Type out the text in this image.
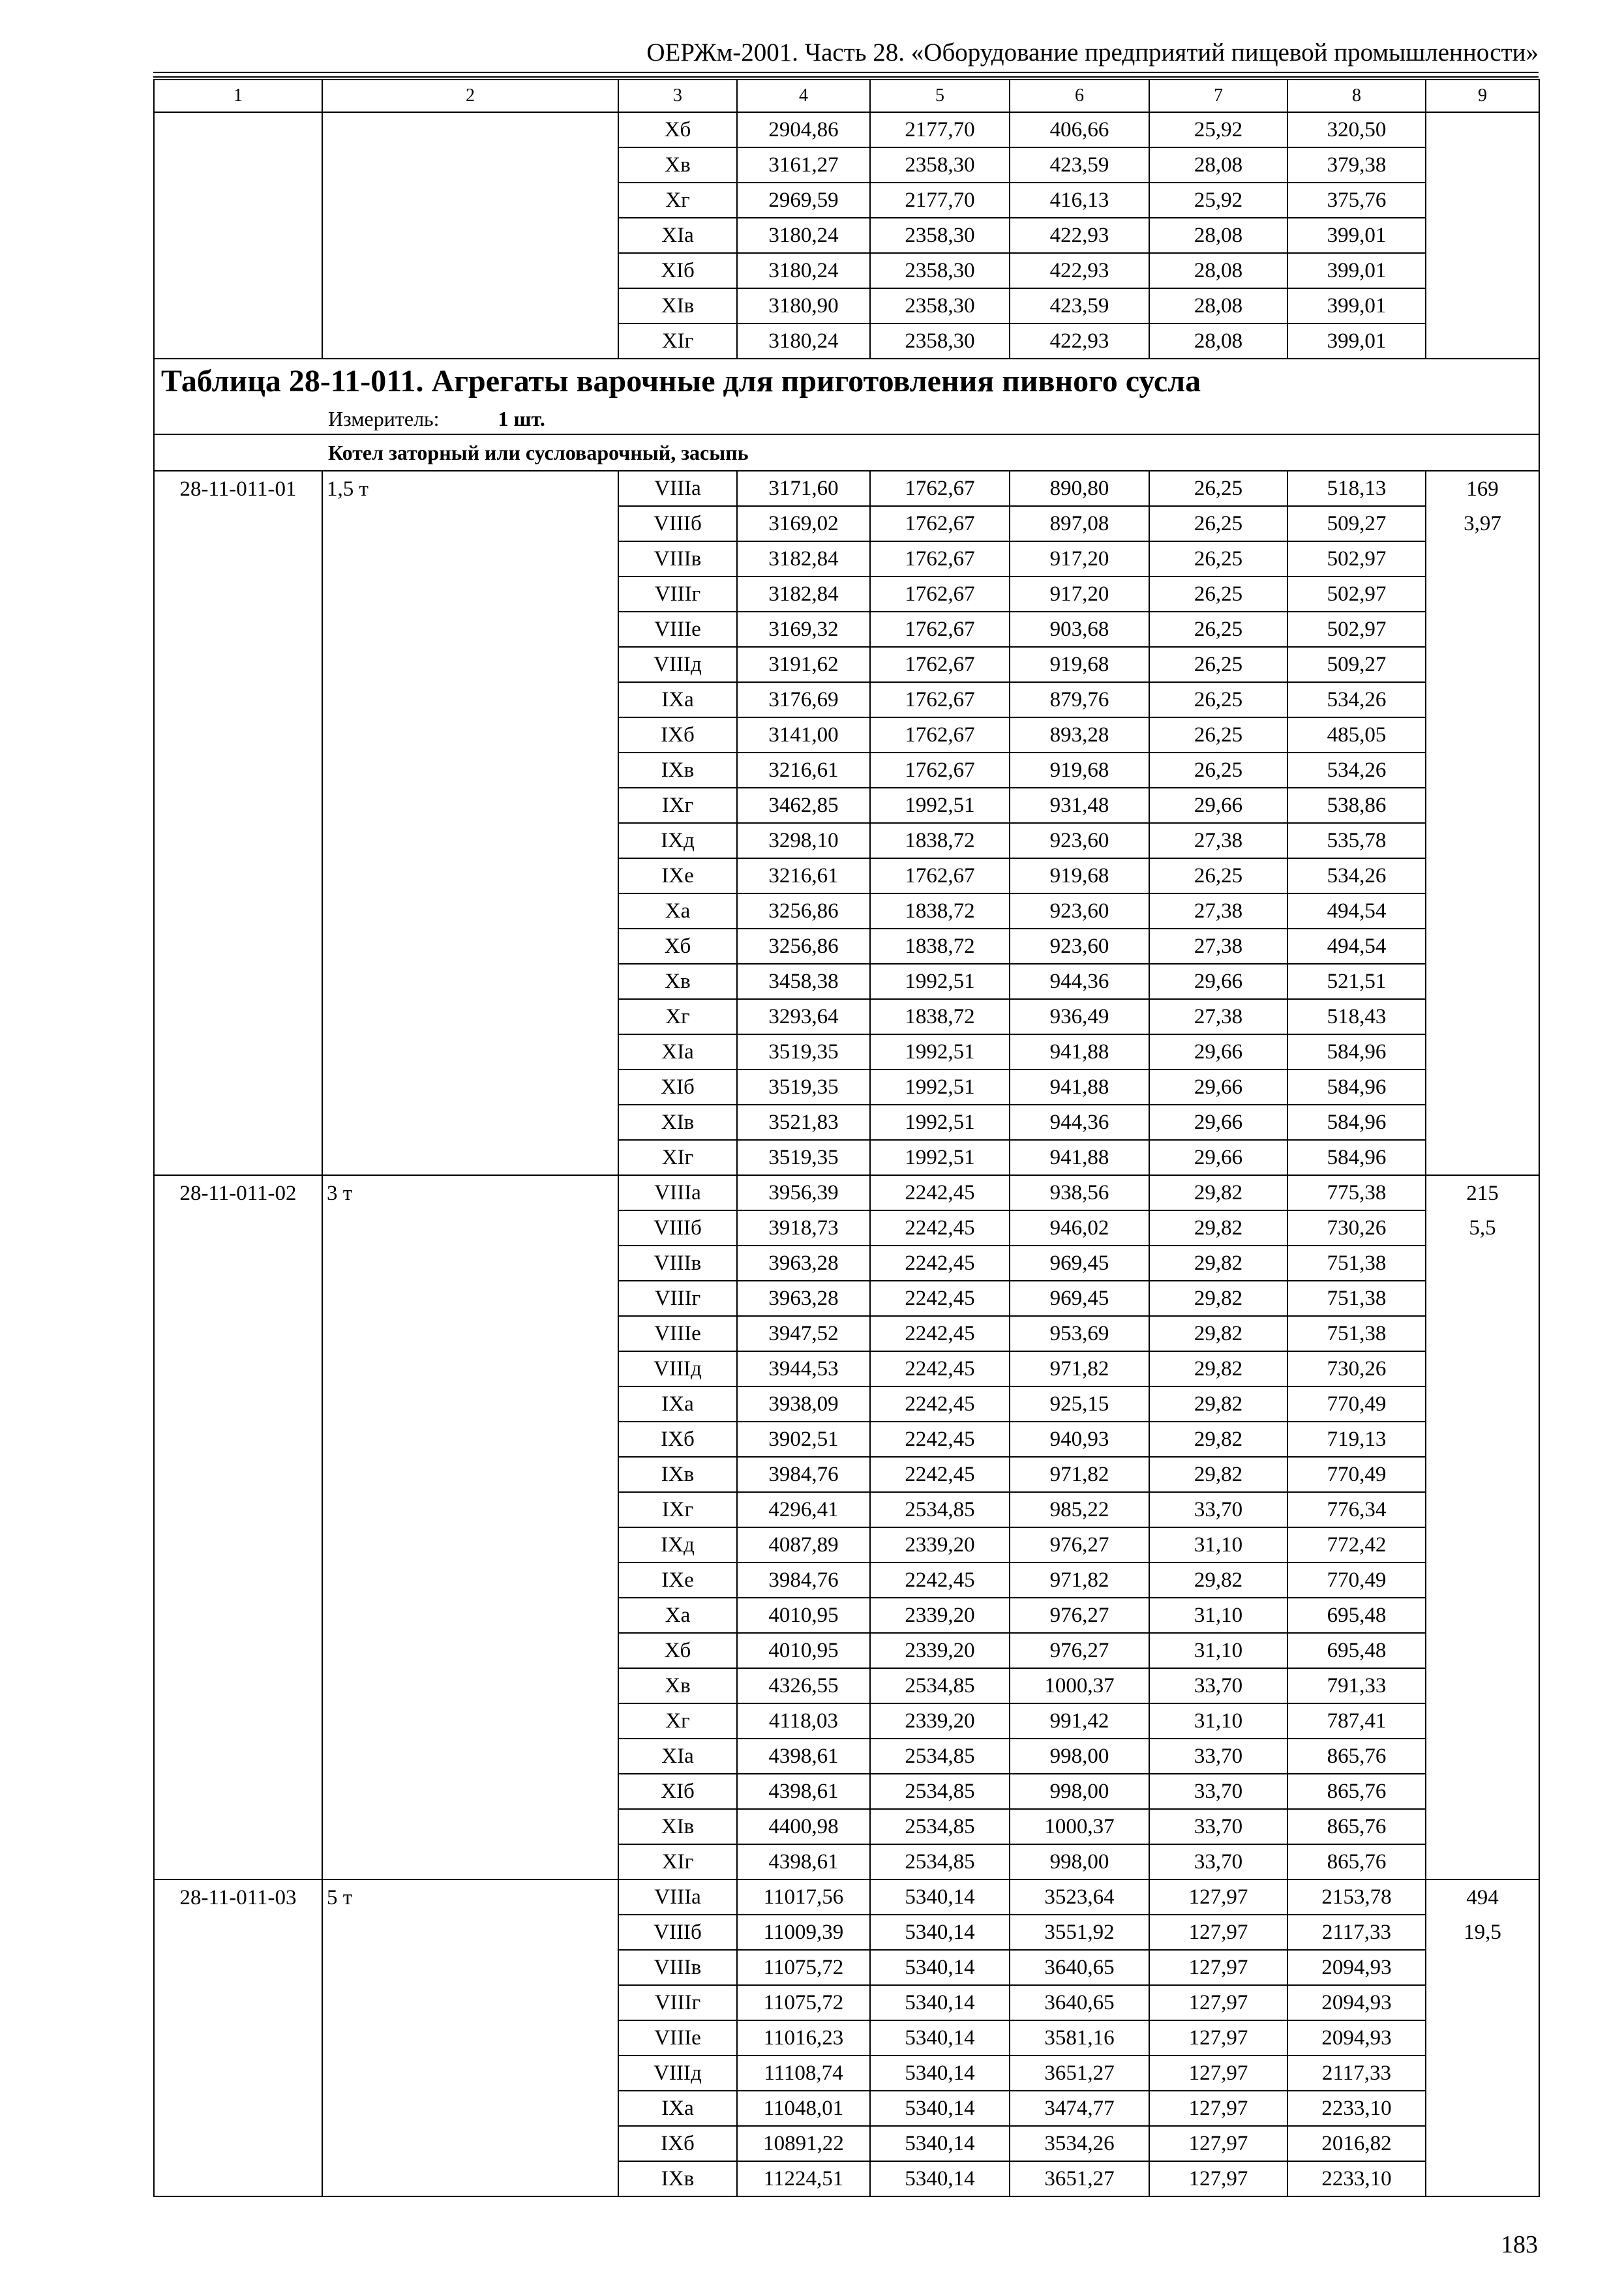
ОЕРЖм-2001. Часть 28. «Оборудование предприятий пищевой промышленности»
1	2	3	4	5	6	7	8	9
		Хб	2904,86	2177,70	406,66	25,92	320,50	
		Хв	3161,27	2358,30	423,59	28,08	379,38	
		Хг	2969,59	2177,70	416,13	25,92	375,76	
		ХIа	3180,24	2358,30	422,93	28,08	399,01	
		ХIб	3180,24	2358,30	422,93	28,08	399,01	
		ХIв	3180,90	2358,30	423,59	28,08	399,01	
		ХIг	3180,24	2358,30	422,93	28,08	399,01	
Таблица 28-11-011. Агрегаты варочные для приготовления пивного сусла								
Измеритель: 1 шт.								
Котел заторный или сусловарочный, засыпь								
28-11-011-01	1,5 т	VIIIа	3171,60	1762,67	890,80	26,25	518,13	169
		VIIIб	3169,02	1762,67	897,08	26,25	509,27	3,97
		VIIIв	3182,84	1762,67	917,20	26,25	502,97	
		VIIIг	3182,84	1762,67	917,20	26,25	502,97	
		VIIIе	3169,32	1762,67	903,68	26,25	502,97	
		VIIIд	3191,62	1762,67	919,68	26,25	509,27	
		IХа	3176,69	1762,67	879,76	26,25	534,26	
		IХб	3141,00	1762,67	893,28	26,25	485,05	
		IХв	3216,61	1762,67	919,68	26,25	534,26	
		IХг	3462,85	1992,51	931,48	29,66	538,86	
		IХд	3298,10	1838,72	923,60	27,38	535,78	
		IХе	3216,61	1762,67	919,68	26,25	534,26	
		Ха	3256,86	1838,72	923,60	27,38	494,54	
		Хб	3256,86	1838,72	923,60	27,38	494,54	
		Хв	3458,38	1992,51	944,36	29,66	521,51	
		Хг	3293,64	1838,72	936,49	27,38	518,43	
		ХIа	3519,35	1992,51	941,88	29,66	584,96	
		ХIб	3519,35	1992,51	941,88	29,66	584,96	
		ХIв	3521,83	1992,51	944,36	29,66	584,96	
		ХIг	3519,35	1992,51	941,88	29,66	584,96	
28-11-011-02	3 т	VIIIа	3956,39	2242,45	938,56	29,82	775,38	215
		VIIIб	3918,73	2242,45	946,02	29,82	730,26	5,5
		VIIIв	3963,28	2242,45	969,45	29,82	751,38	
		VIIIг	3963,28	2242,45	969,45	29,82	751,38	
		VIIIе	3947,52	2242,45	953,69	29,82	751,38	
		VIIIд	3944,53	2242,45	971,82	29,82	730,26	
		IХа	3938,09	2242,45	925,15	29,82	770,49	
		IХб	3902,51	2242,45	940,93	29,82	719,13	
		IХв	3984,76	2242,45	971,82	29,82	770,49	
		IХг	4296,41	2534,85	985,22	33,70	776,34	
		IХд	4087,89	2339,20	976,27	31,10	772,42	
		IХе	3984,76	2242,45	971,82	29,82	770,49	
		Ха	4010,95	2339,20	976,27	31,10	695,48	
		Хб	4010,95	2339,20	976,27	31,10	695,48	
		Хв	4326,55	2534,85	1000,37	33,70	791,33	
		Хг	4118,03	2339,20	991,42	31,10	787,41	
		ХIа	4398,61	2534,85	998,00	33,70	865,76	
		ХIб	4398,61	2534,85	998,00	33,70	865,76	
		ХIв	4400,98	2534,85	1000,37	33,70	865,76	
		ХIг	4398,61	2534,85	998,00	33,70	865,76	
28-11-011-03	5 т	VIIIа	11017,56	5340,14	3523,64	127,97	2153,78	494
		VIIIб	11009,39	5340,14	3551,92	127,97	2117,33	19,5
		VIIIв	11075,72	5340,14	3640,65	127,97	2094,93	
		VIIIг	11075,72	5340,14	3640,65	127,97	2094,93	
		VIIIе	11016,23	5340,14	3581,16	127,97	2094,93	
		VIIIд	11108,74	5340,14	3651,27	127,97	2117,33	
		IХа	11048,01	5340,14	3474,77	127,97	2233,10	
		IХб	10891,22	5340,14	3534,26	127,97	2016,82	
		IХв	11224,51	5340,14	3651,27	127,97	2233,10	
183
